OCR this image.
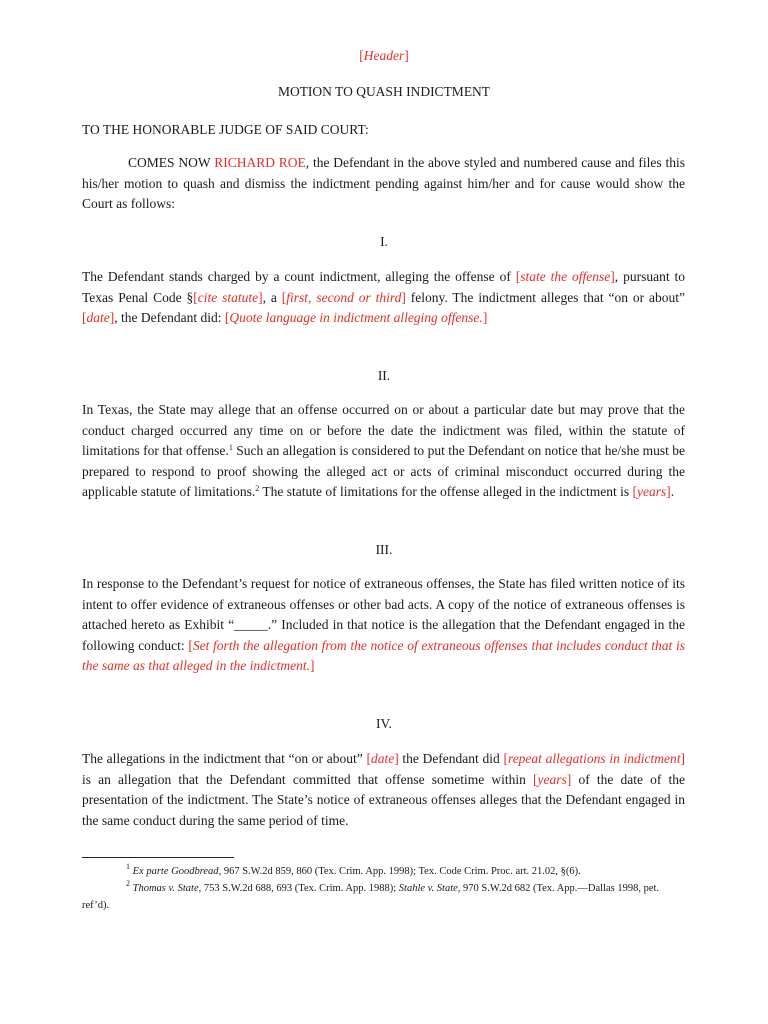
[Header]
MOTION TO QUASH INDICTMENT
TO THE HONORABLE JUDGE OF SAID COURT:
COMES NOW RICHARD ROE, the Defendant in the above styled and numbered cause and files this his/her motion to quash and dismiss the indictment pending against him/her and for cause would show the Court as follows:
I.
The Defendant stands charged by a count indictment, alleging the offense of [state the offense], pursuant to Texas Penal Code §[cite statute], a [first, second or third] felony. The indictment alleges that “on or about” [date], the Defendant did: [Quote language in indictment alleging offense.]
II.
In Texas, the State may allege that an offense occurred on or about a particular date but may prove that the conduct charged occurred any time on or before the date the indictment was filed, within the statute of limitations for that offense.$^1$ Such an allegation is considered to put the Defendant on notice that he/she must be prepared to respond to proof showing the alleged act or acts of criminal misconduct occurred during the applicable statute of limitations.$^2$ The statute of limitations for the offense alleged in the indictment is [years].
III.
In response to the Defendant’s request for notice of extraneous offenses, the State has filed written notice of its intent to offer evidence of extraneous offenses or other bad acts. A copy of the notice of extraneous offenses is attached hereto as Exhibit “_____.” Included in that notice is the allegation that the Defendant engaged in the following conduct: [Set forth the allegation from the notice of extraneous offenses that includes conduct that is the same as that alleged in the indictment.]
IV.
The allegations in the indictment that “on or about” [date] the Defendant did [repeat allegations in indictment] is an allegation that the Defendant committed that offense sometime within [years] of the date of the presentation of the indictment. The State’s notice of extraneous offenses alleges that the Defendant engaged in the same conduct during the same period of time.
$^1$ Ex parte Goodbread, 967 S.W.2d 859, 860 (Tex. Crim. App. 1998); Tex. Code Crim. Proc. art. 21.02, §(6).
$^2$ Thomas v. State, 753 S.W.2d 688, 693 (Tex. Crim. App. 1988); Stahle v. State, 970 S.W.2d 682 (Tex. App.—Dallas 1998, pet. ref’d).
